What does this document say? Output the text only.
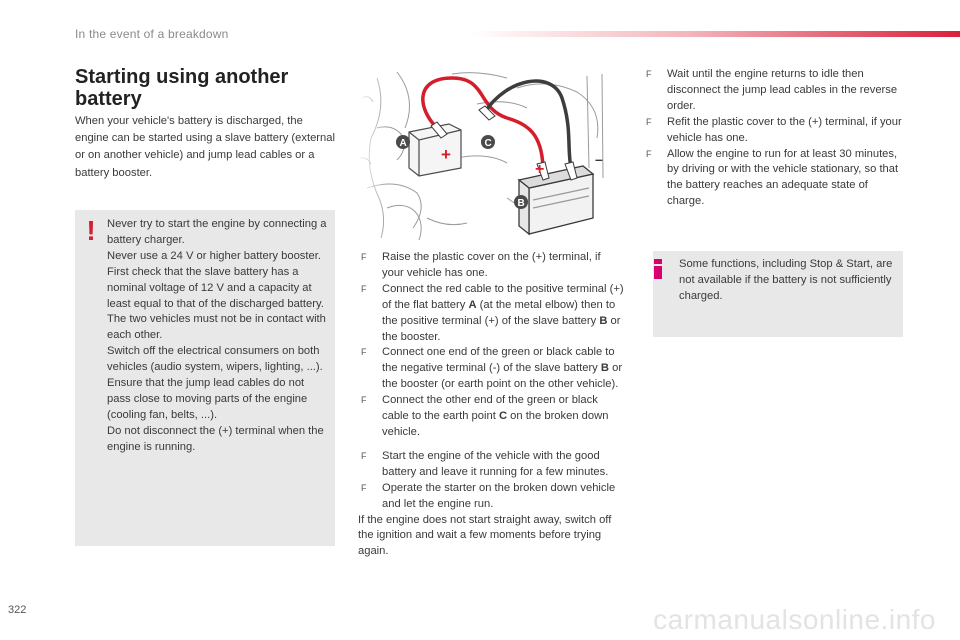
In the event of a breakdown
Starting using another battery

When your vehicle's battery is discharged, the engine can be started using a slave battery (external or on another vehicle) and jump lead cables or a battery booster.

! Never try to start the engine by connecting a battery charger.
Never use a 24 V or higher battery booster.
First check that the slave battery has a nominal voltage of 12 V and a capacity at least equal to that of the discharged battery.
The two vehicles must not be in contact with each other.
Switch off the electrical consumers on both vehicles (audio system, wipers, lighting, ...).
Ensure that the jump lead cables do not pass close to moving parts of the engine (cooling fan, belts, ...).
Do not disconnect the (+) terminal when the engine is running.
F Raise the plastic cover on the (+) terminal, if your vehicle has one.
F Connect the red cable to the positive terminal (+) of the flat battery A (at the metal elbow) then to the positive terminal (+) of the slave battery B or the booster.
F Connect one end of the green or black cable to the negative terminal (-) of the slave battery B or the booster (or earth point on the other vehicle).
F Connect the other end of the green or black cable to the earth point C on the broken down vehicle.
F Start the engine of the vehicle with the good battery and leave it running for a few minutes.
F Operate the starter on the broken down vehicle and let the engine run.
If the engine does not start straight away, switch off the ignition and wait a few moments before trying again.
F Wait until the engine returns to idle then disconnect the jump lead cables in the reverse order.
F Refit the plastic cover to the (+) terminal, if your vehicle has one.
F Allow the engine to run for at least 30 minutes, by driving or with the vehicle stationary, so that the battery reaches an adequate state of charge.
Some functions, including Stop & Start, are not available if the battery is not sufficiently charged.
322	carmanualsonline.info
